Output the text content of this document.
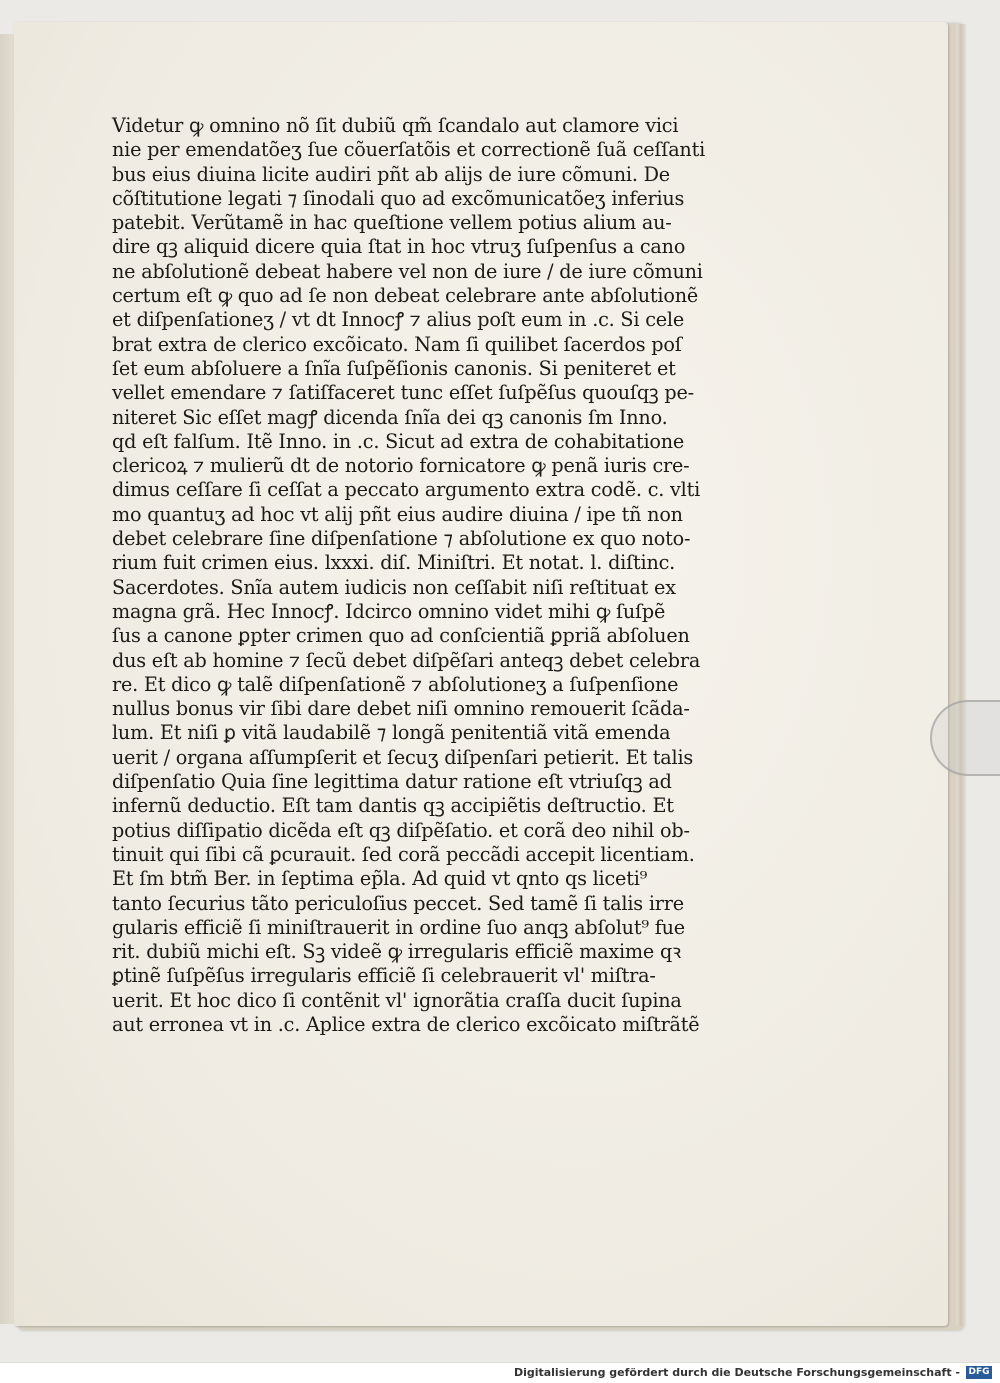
Videtur ꝙ omnino nõ ſit dubiũ qm̃ ſcandalo aut clamore vici
nie per emendatõeʒ ſue cõuerſatõis et correctionẽ ſuã ceſſanti
bus eius diuina licite audiri pñt ab alijs de iure cõmuni. De
cõſtitutione legati ⁊ ſinodali quo ad excõmunicatõeʒ inferius
patebit. Verũtamẽ in hac queſtione vellem potius alium au-
dire qꝫ aliquid dicere quia ſtat in hoc vtruʒ ſuſpenſus a cano
ne abſolutionẽ debeat habere vel non de iure / de iure cõmuni
certum eſt ꝙ quo ad ſe non debeat celebrare ante abſolutionẽ
et diſpenſationeʒ / vt dt Innocꝭ ⁊ alius poſt eum in .c. Si cele
brat extra de clerico excõicato. Nam ſi quilibet ſacerdos poſ
ſet eum abſoluere a ſnĩa ſuſpẽſionis canonis. Si peniteret et
vellet emendare ⁊ ſatiſfaceret tunc eſſet ſuſpẽſus quouſqꝫ pe-
niteret Sic eſſet magꝭ dicenda ſnĩa dei qꝫ canonis ſm Inno.
qd eſt falſum. Itẽ Inno. in .c. Sicut ad extra de cohabitatione
clericoꝝ ⁊ mulierũ dt de notorio fornicatore ꝙ penã iuris cre-
dimus ceſſare ſi ceſſat a peccato argumento extra codẽ. c. vlti
mo quantuʒ ad hoc vt alij pñt eius audire diuina / ipe tñ non
debet celebrare ſine diſpenſatione ⁊ abſolutione ex quo noto-
rium fuit crimen eius. lxxxi. diſ. Miniſtri. Et notat. l. diſtinc.
Sacerdotes. Snĩa autem iudicis non ceſſabit niſi reſtituat ex
magna grã. Hec Innocꝭ. Idcirco omnino videt mihi ꝙ ſuſpẽ
ſus a canone ꝑpter crimen quo ad conſcientiã ꝑpriã abſoluen
dus eſt ab homine ⁊ ſecũ debet diſpẽſari anteqꝫ debet celebra
re. Et dico ꝙ talẽ diſpenſationẽ ⁊ abſolutioneʒ a ſuſpenſione
nullus bonus vir ſibi dare debet niſi omnino remouerit ſcãda-
lum. Et niſi ꝑ vitã laudabilẽ ⁊ longã penitentiã vitã emenda
uerit / organa aſſumpſerit et ſecuʒ diſpenſari petierit. Et talis
diſpenſatio Quia ſine legittima datur ratione eſt vtriuſqꝫ ad
infernũ deductio. Eſt tam dantis qꝫ accipiẽtis deſtructio. Et
potius diſſipatio dicẽda eſt qꝫ diſpẽſatio. et corã deo nihil ob-
tinuit qui ſibi cã ꝑcurauit. ſed corã peccãdi accepit licentiam.
Et ſm btm̃ Ber. in ſeptima ep̃la. Ad quid vt qnto qs liceti⁹
tanto ſecurius tãto periculoſius peccet. Sed tamẽ ſi talis irre
gularis efficiẽ ſi miniſtrauerit in ordine ſuo anqꝫ abſolut⁹ fue
rit. dubiũ michi eſt. Sꝫ videẽ ꝙ irregularis efficiẽ maxime qꝛ
ꝑtinẽ ſuſpẽſus irregularis efficiẽ ſi celebrauerit vl' miſtra-
uerit. Et hoc dico ſi contẽnit vl' ignorãtia craſſa ducit ſupina
aut erronea vt in .c. Aplice extra de clerico excõicato miſtrãtẽ
Digitalisierung gefördert durch die Deutsche Forschungsgemeinschaft - DFG
